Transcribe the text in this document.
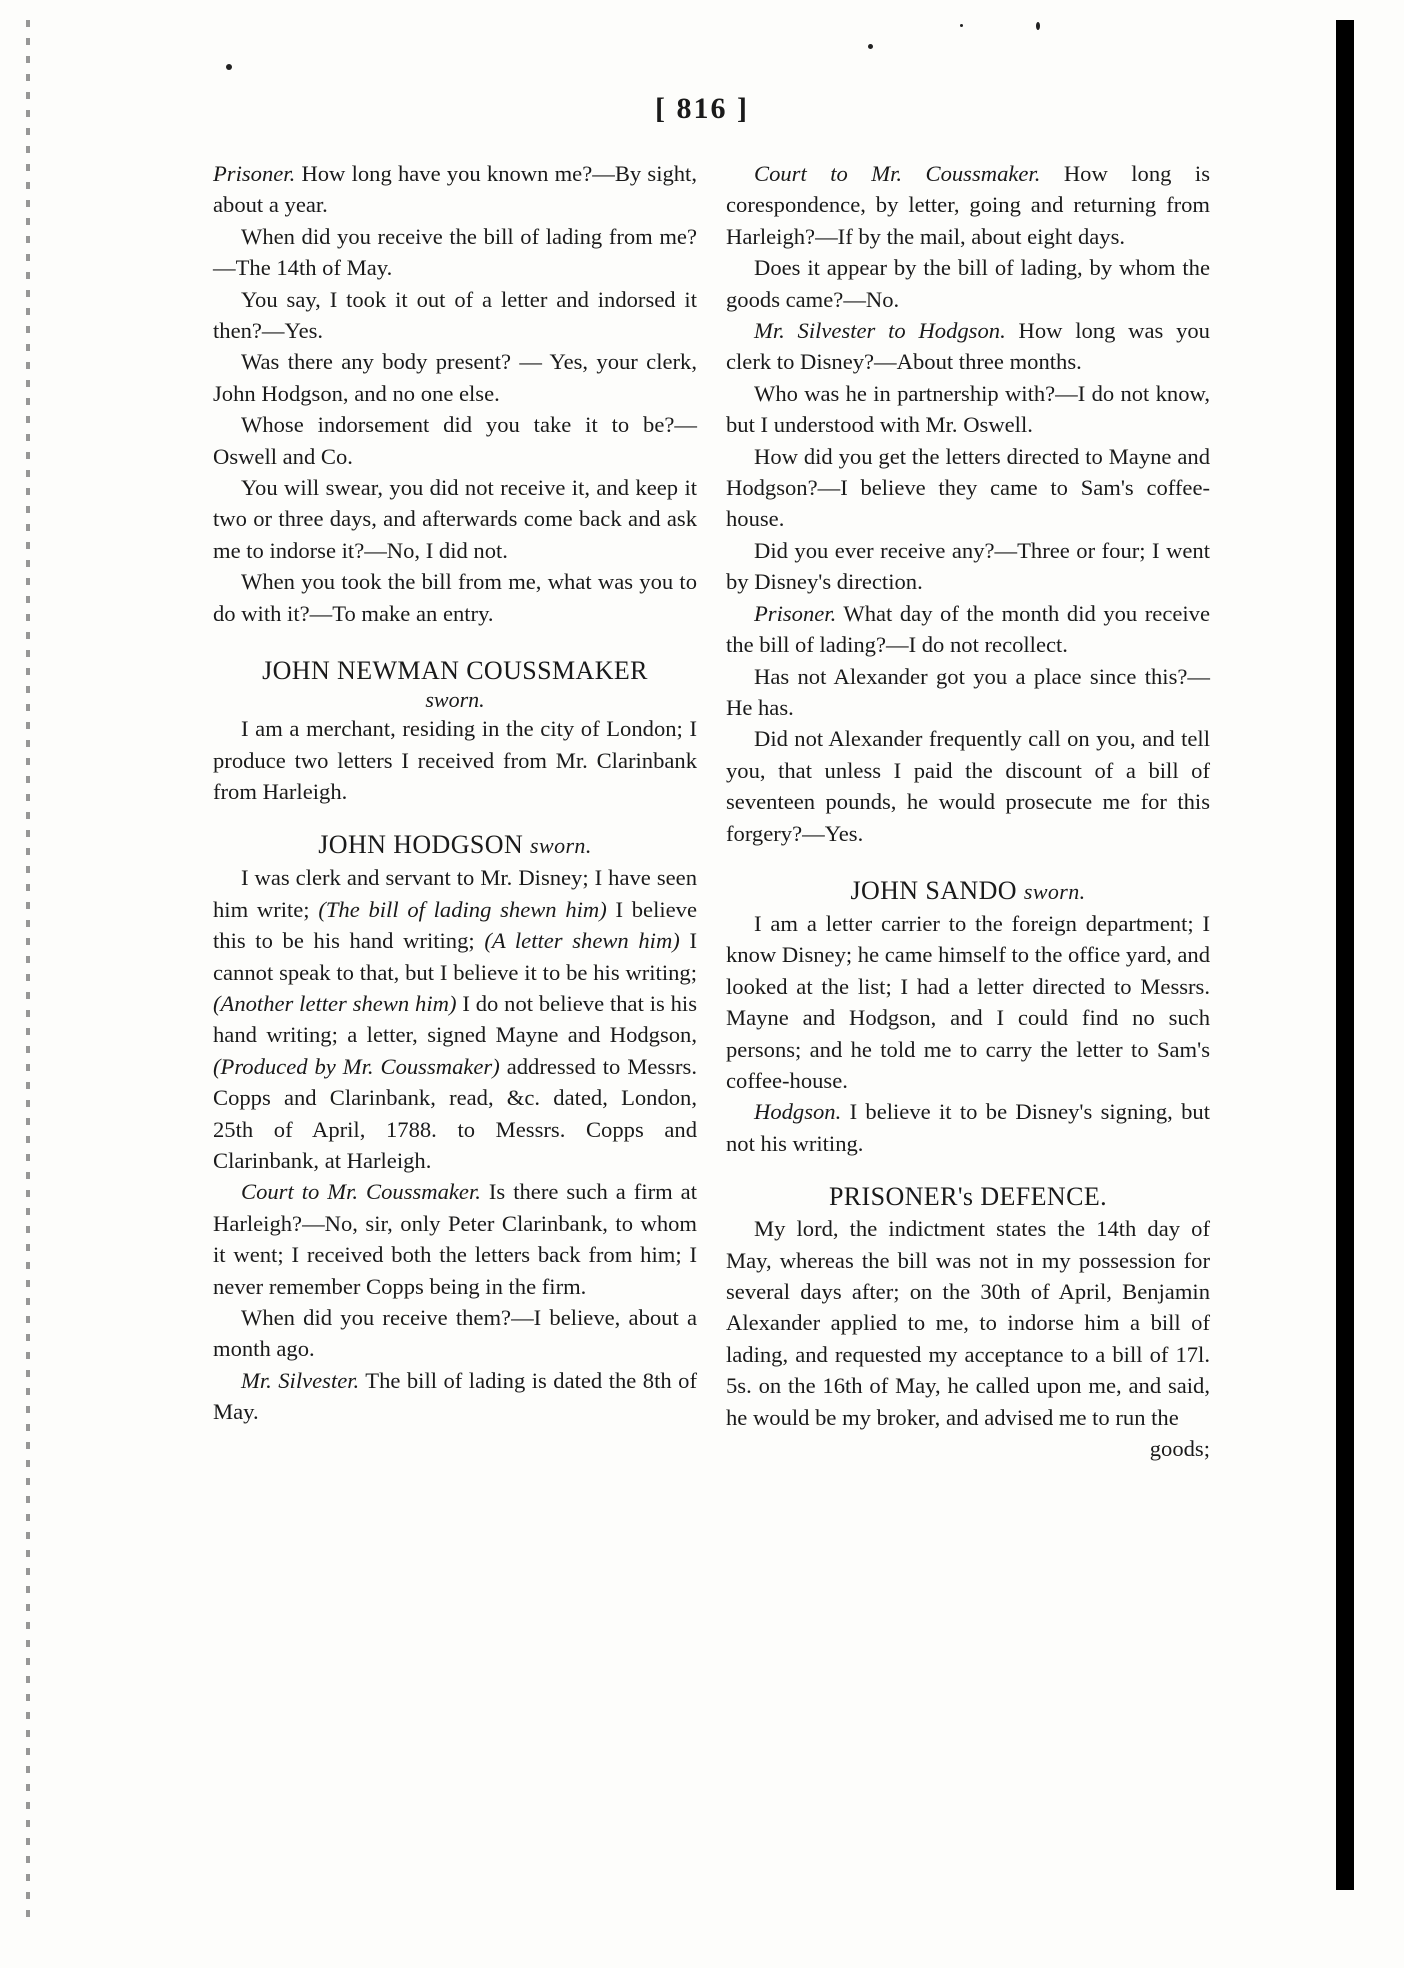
[ 816 ]

Prisoner. How long have you known me?—By sight, about a year.

When did you receive the bill of lading from me?—The 14th of May.

You say, I took it out of a letter and indorsed it then?—Yes.

Was there any body present? — Yes, your clerk, John Hodgson, and no one else.

Whose indorsement did you take it to be?—Oswell and Co.

You will swear, you did not receive it, and keep it two or three days, and afterwards come back and ask me to indorse it?—No, I did not.

When you took the bill from me, what was you to do with it?—To make an entry.

JOHN NEWMAN COUSSMAKER
sworn.

I am a merchant, residing in the city of London; I produce two letters I received from Mr. Clarinbank from Harleigh.

JOHN HODGSON sworn.

I was clerk and servant to Mr. Disney; I have seen him write; (The bill of lading shewn him) I believe this to be his hand writing; (A letter shewn him) I cannot speak to that, but I believe it to be his writing; (Another letter shewn him) I do not believe that is his hand writing; a letter, signed Mayne and Hodgson, (Produced by Mr. Coussmaker) addressed to Messrs. Copps and Clarinbank, read, &c. dated, London, 25th of April, 1788. to Messrs. Copps and Clarinbank, at Harleigh.

Court to Mr. Coussmaker. Is there such a firm at Harleigh?—No, sir, only Peter Clarinbank, to whom it went; I received both the letters back from him; I never remember Copps being in the firm.

When did you receive them?—I believe, about a month ago.

Mr. Silvester. The bill of lading is dated the 8th of May.

Court to Mr. Coussmaker. How long is corespondence, by letter, going and returning from Harleigh?—If by the mail, about eight days.

Does it appear by the bill of lading, by whom the goods came?—No.

Mr. Silvester to Hodgson. How long was you clerk to Disney?—About three months.

Who was he in partnership with?—I do not know, but I understood with Mr. Oswell.

How did you get the letters directed to Mayne and Hodgson?—I believe they came to Sam's coffee-house.

Did you ever receive any?—Three or four; I went by Disney's direction.

Prisoner. What day of the month did you receive the bill of lading?—I do not recollect.

Has not Alexander got you a place since this?—He has.

Did not Alexander frequently call on you, and tell you, that unless I paid the discount of a bill of seventeen pounds, he would prosecute me for this forgery?—Yes.

JOHN SANDO sworn.

I am a letter carrier to the foreign department; I know Disney; he came himself to the office yard, and looked at the list; I had a letter directed to Messrs. Mayne and Hodgson, and I could find no such persons; and he told me to carry the letter to Sam's coffee-house.

Hodgson. I believe it to be Disney's signing, but not his writing.

PRISONER's DEFENCE.

My lord, the indictment states the 14th day of May, whereas the bill was not in my possession for several days after; on the 30th of April, Benjamin Alexander applied to me, to indorse him a bill of lading, and requested my acceptance to a bill of 17l. 5s. on the 16th of May, he called upon me, and said, he would be my broker, and advised me to run the

goods;
